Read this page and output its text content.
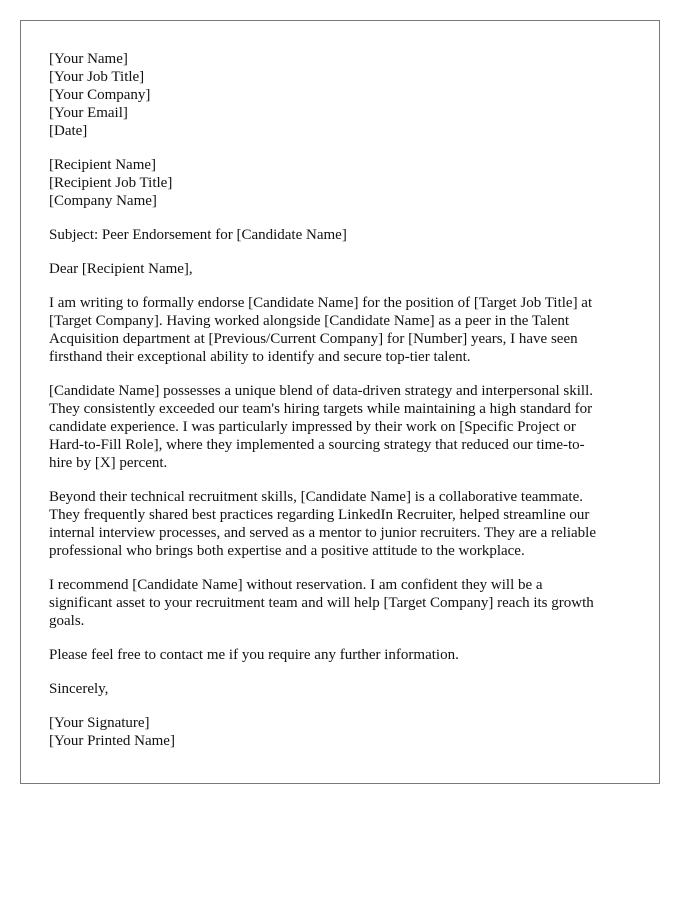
[Your Name]
[Your Job Title]
[Your Company]
[Your Email]
[Date]
[Recipient Name]
[Recipient Job Title]
[Company Name]
Subject: Peer Endorsement for [Candidate Name]
Dear [Recipient Name],
I am writing to formally endorse [Candidate Name] for the position of [Target Job Title] at
[Target Company]. Having worked alongside [Candidate Name] as a peer in the Talent
Acquisition department at [Previous/Current Company] for [Number] years, I have seen
firsthand their exceptional ability to identify and secure top-tier talent.
[Candidate Name] possesses a unique blend of data-driven strategy and interpersonal skill.
They consistently exceeded our team's hiring targets while maintaining a high standard for
candidate experience. I was particularly impressed by their work on [Specific Project or
Hard-to-Fill Role], where they implemented a sourcing strategy that reduced our time-to-
hire by [X] percent.
Beyond their technical recruitment skills, [Candidate Name] is a collaborative teammate.
They frequently shared best practices regarding LinkedIn Recruiter, helped streamline our
internal interview processes, and served as a mentor to junior recruiters. They are a reliable
professional who brings both expertise and a positive attitude to the workplace.
I recommend [Candidate Name] without reservation. I am confident they will be a
significant asset to your recruitment team and will help [Target Company] reach its growth
goals.
Please feel free to contact me if you require any further information.
Sincerely,
[Your Signature]
[Your Printed Name]
